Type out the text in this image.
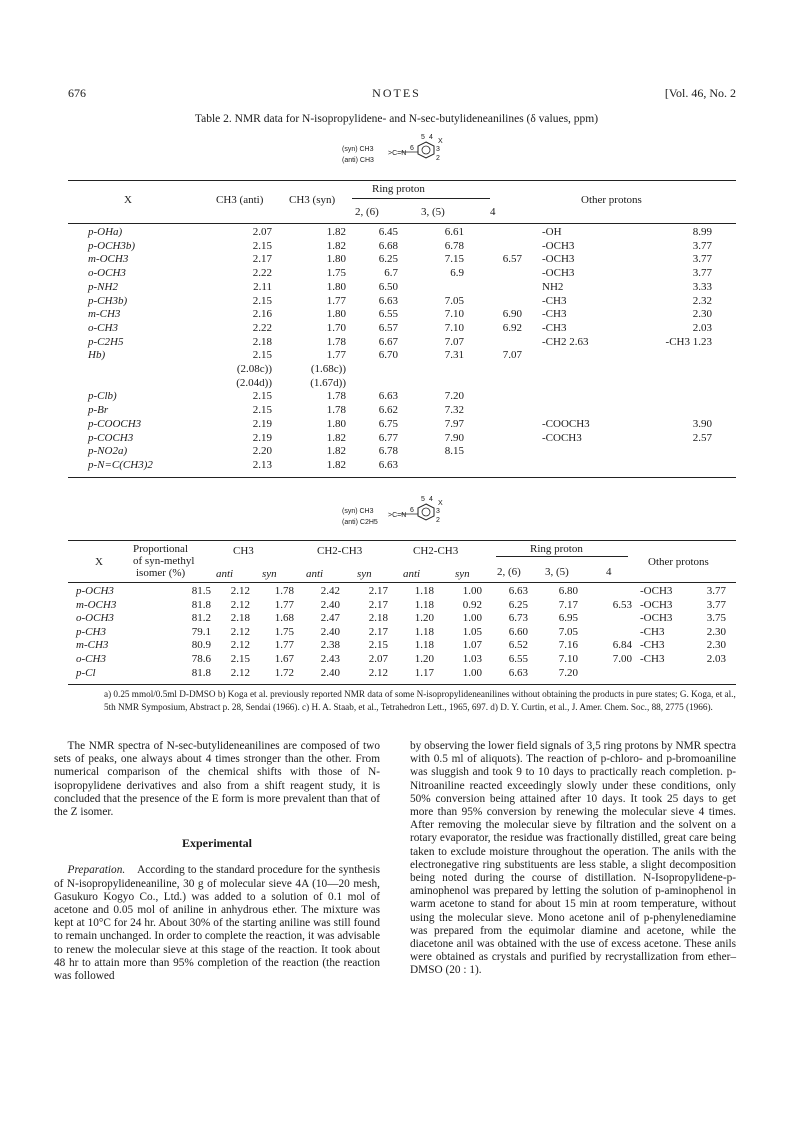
676	NOTES	[Vol. 46, No. 2
Table 2. NMR data for N-isopropylidene- and N-sec-butylideneanilines (δ values, ppm)
5 4
X
6	3
2
(syn) CH3
>C=N
(anti) CH3
X	CH3 (anti) CH3 (syn)
Ring proton
2, (6)	3, (5)	4
Other protons
p-OHa)	2.07	1.82	6.45	6.61	-OH	8.99
p-OCH3b)	2.15	1.82	6.68	6.78	-OCH3	3.77
m-OCH3	2.17	1.80	6.25	7.15	6.57 -OCH3	3.77
o-OCH3	2.22	1.75	6.7	6.9	-OCH3	3.77
p-NH2	2.11	1.80	6.50	NH2	3.33
p-CH3b)	2.15	1.77	6.63	7.05	-CH3	2.32
m-CH3	2.16	1.80	6.55	7.10	6.90 -CH3	2.30
o-CH3	2.22	1.70	6.57	7.10	6.92 -CH3	2.03
p-C2H5	2.18	1.78	6.67	7.07	-CH2 2.63	-CH3 1.23
Hb)	2.15	1.77	6.70	7.31	7.07
(2.08c))	(1.68c))
(2.04d))	(1.67d))
p-Clb)	2.15	1.78	6.63	7.20
p-Br	2.15	1.78	6.62	7.32
p-COOCH3	2.19	1.80	6.75	7.97	-COOCH3	3.90
p-COCH3	2.19	1.82	6.77	7.90	-COCH3	2.57
p-NO2a)	2.20	1.82	6.78	8.15
p-N=C(CH3)2	2.13	1.82	6.63
5 4
X
6	3
2
(syn) CH3
>C=N
(anti) C2H5
X
Proportional
of syn-methyl
isomer (%)
CH3	CH2-CH3	CH2-CH3
anti	syn	anti	syn	anti	syn
Ring proton
2, (6) 3, (5)	4
Other protons
p-OCH3	81.5	2.12	1.78	2.42	2.17	1.18	1.00	6.63	6.80	-OCH3	3.77
m-OCH3	81.8	2.12	1.77	2.40	2.17	1.18	0.92	6.25	7.17	6.53 -OCH3	3.77
o-OCH3	81.2	2.18	1.68	2.47	2.18	1.20	1.00	6.73	6.95	-OCH3	3.75
p-CH3	79.1	2.12	1.75	2.40	2.17	1.18	1.05	6.60	7.05	-CH3	2.30
m-CH3	80.9	2.12	1.77	2.38	2.15	1.18	1.07	6.52	7.16	6.84 -CH3	2.30
o-CH3	78.6	2.15	1.67	2.43	2.07	1.20	1.03	6.55	7.10	7.00 -CH3	2.03
p-Cl	81.8	2.12	1.72	2.40	2.12	1.17	1.00	6.63	7.20
a) 0.25 mmol/0.5ml D-DMSO b) Koga et al. previously reported NMR data of some N-isopropylideneanilines without obtaining the products in pure states; G. Koga, et al., 5th NMR Symposium, Abstract p. 28, Sendai (1966). c) H. A. Staab, et al., Tetrahedron Lett., 1965, 697. d) D. Y. Curtin, et al., J. Amer. Chem. Soc., 88, 2775 (1966).

The NMR spectra of N-sec-butylideneanilines are composed of two sets of peaks, one always about 4 times stronger than the other. From numerical comparison of the chemical shifts with those of N-isopropylidene derivatives and also from a shift reagent study, it is concluded that the presence of the E form is more prevalent than that of the Z isomer.

Experimental

Preparation. According to the standard procedure for the synthesis of N-isopropylideneaniline, 30 g of molecular sieve 4A (10—20 mesh, Gasukuro Kogyo Co., Ltd.) was added to a solution of 0.1 mol of acetone and 0.05 mol of aniline in anhydrous ether. The mixture was kept at 10°C for 24 hr. About 30% of the starting aniline was still found to remain unchanged. In order to complete the reaction, it was advisable to renew the molecular sieve at this stage of the reaction. It took about 48 hr to attain more than 95% completion of the reaction (the reaction was followed

by observing the lower field signals of 3,5 ring protons by NMR spectra with 0.5 ml of aliquots). The reaction of p-chloro- and p-bromoaniline was sluggish and took 9 to 10 days to practically reach completion. p-Nitroaniline reacted exceedingly slowly under these conditions, only 50% conversion being attained after 10 days. It took 25 days to get more than 95% conversion by renewing the molecular sieve 4 times. After removing the molecular sieve by filtration and the solvent on a rotary evaporator, the residue was fractionally distilled, great care being taken to exclude moisture throughout the operation. The anils with the electronegative ring substituents are less stable, a slight decomposition being noted during the course of distillation. N-Isopropylidene-p-aminophenol was prepared by letting the solution of p-aminophenol in warm acetone to stand for about 15 min at room temperature, without using the molecular sieve. Mono acetone anil of p-phenylenediamine was prepared from the equimolar diamine and acetone, while the diacetone anil was obtained with the use of excess acetone. These anils were obtained as crystals and purified by recrystallization from ether–DMSO (20 : 1).
